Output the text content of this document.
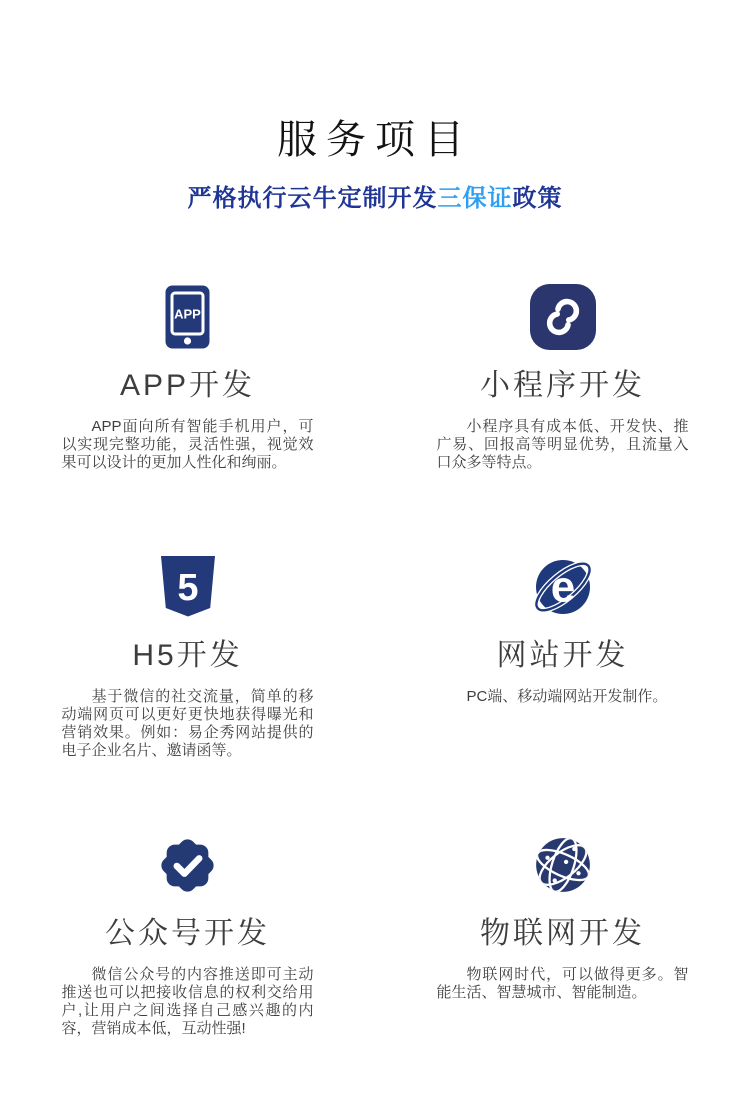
服务项目
严格执行云牛定制开发三保证政策
APP
APP开发

APP面向所有智能手机用户，可以实现完整功能，灵活性强，视觉效果可以设计的更加人性化和绚丽。

小程序开发

小程序具有成本低、开发快、推广易、回报高等明显优势，且流量入口众多等特点。

5
H5开发

基于微信的社交流量，简单的移动端网页可以更好更快地获得曝光和营销效果。例如：易企秀网站提供的电子企业名片、邀请函等。

e
网站开发

PC端、移动端网站开发制作。

公众号开发

微信公众号的内容推送即可主动推送也可以把接收信息的权利交给用户,让用户之间选择自己感兴趣的内容，营销成本低，互动性强!

物联网开发

物联网时代，可以做得更多。智能生活、智慧城市、智能制造。
